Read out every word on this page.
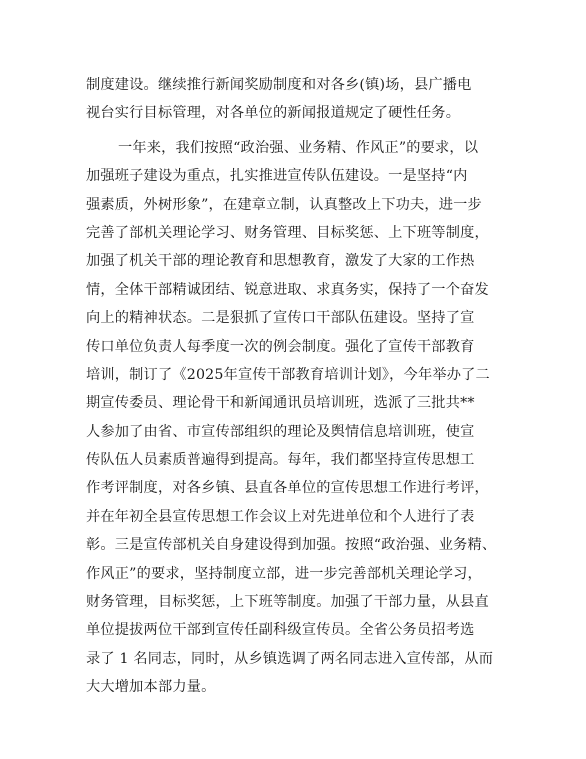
制度建设。继续推行新闻奖励制度和对各乡(镇)场，县广播电
视台实行目标管理，对各单位的新闻报道规定了硬性任务。
一年来，我们按照“政治强、业务精、作风正”的要求，以
加强班子建设为重点，扎实推进宣传队伍建设。一是坚持“内
强素质，外树形象”，在建章立制，认真整改上下功夫，进一步
完善了部机关理论学习、财务管理、目标奖惩、上下班等制度，
加强了机关干部的理论教育和思想教育，激发了大家的工作热
情，全体干部精诚团结、锐意进取、求真务实，保持了一个奋发
向上的精神状态。二是狠抓了宣传口干部队伍建设。坚持了宣
传口单位负责人每季度一次的例会制度。强化了宣传干部教育
培训，制订了《2025年宣传干部教育培训计划》，今年举办了二
期宣传委员、理论骨干和新闻通讯员培训班，选派了三批共**
人参加了由省、市宣传部组织的理论及舆情信息培训班，使宣
传队伍人员素质普遍得到提高。每年，我们都坚持宣传思想工
作考评制度，对各乡镇、县直各单位的宣传思想工作进行考评，
并在年初全县宣传思想工作会议上对先进单位和个人进行了表
彰。三是宣传部机关自身建设得到加强。按照“政治强、业务精、
作风正”的要求，坚持制度立部，进一步完善部机关理论学习，
财务管理，目标奖惩，上下班等制度。加强了干部力量，从县直
单位提拔两位干部到宣传任副科级宣传员。全省公务员招考选
录了 1 名同志，同时，从乡镇选调了两名同志进入宣传部，从而
大大增加本部力量。
